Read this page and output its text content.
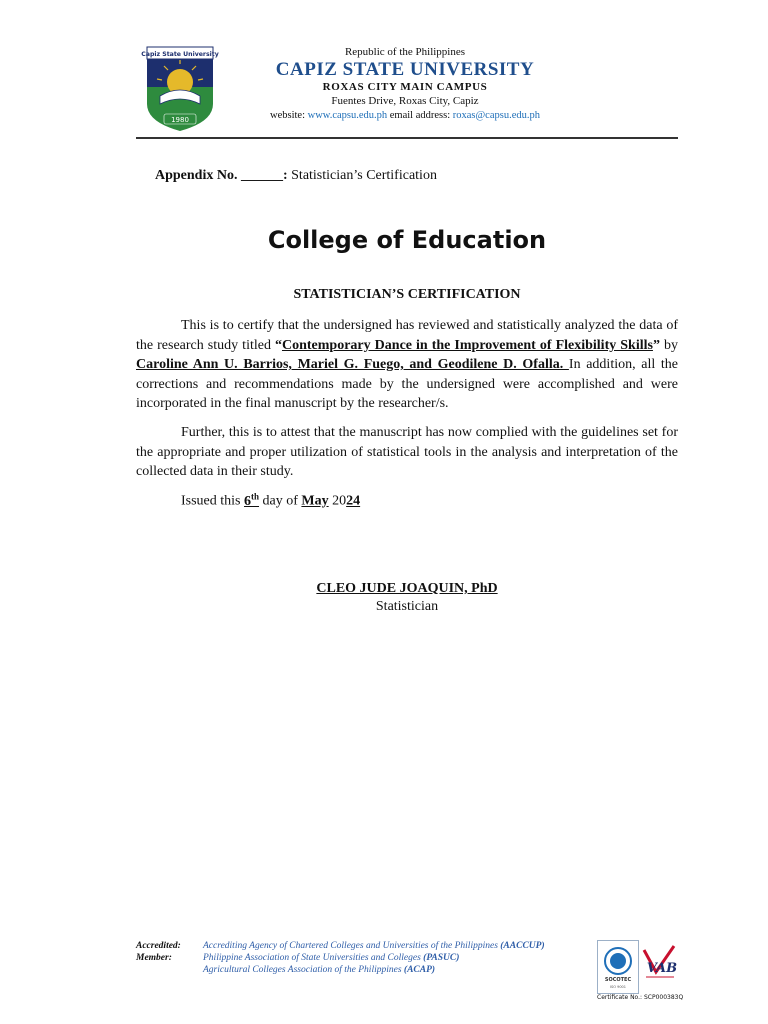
Capiz State University
1980
Republic of the Philippines
CAPIZ STATE UNIVERSITY
ROXAS CITY MAIN CAMPUS
Fuentes Drive, Roxas City, Capiz
website: www.capsu.edu.ph email address: roxas@capsu.edu.ph
Appendix No. ______: Statistician’s Certification
College of Education
STATISTICIAN’S CERTIFICATION

This is to certify that the undersigned has reviewed and statistically analyzed the data of the research study titled “Contemporary Dance in the Improvement of Flexibility Skills” by Caroline Ann U. Barrios, Mariel G. Fuego, and Geodilene D. Ofalla. In addition, all the corrections and recommendations made by the undersigned were accomplished and were incorporated in the final manuscript by the researcher/s.

Further, this is to attest that the manuscript has now complied with the guidelines set for the appropriate and proper utilization of statistical tools in the analysis and interpretation of the collected data in their study.

Issued this 6th day of May 2024
CLEO JUDE JOAQUIN, PhD
Statistician
Accredited:
Member:
Accrediting Agency of Chartered Colleges and Universities of the Philippines (AACCUP)
Philippine Association of State Universities and Colleges (PASUC)
Agricultural Colleges Association of the Philippines (ACAP)
SOCOTEC
ISO 9001
VAB
Certificate No.: SCP000383Q
